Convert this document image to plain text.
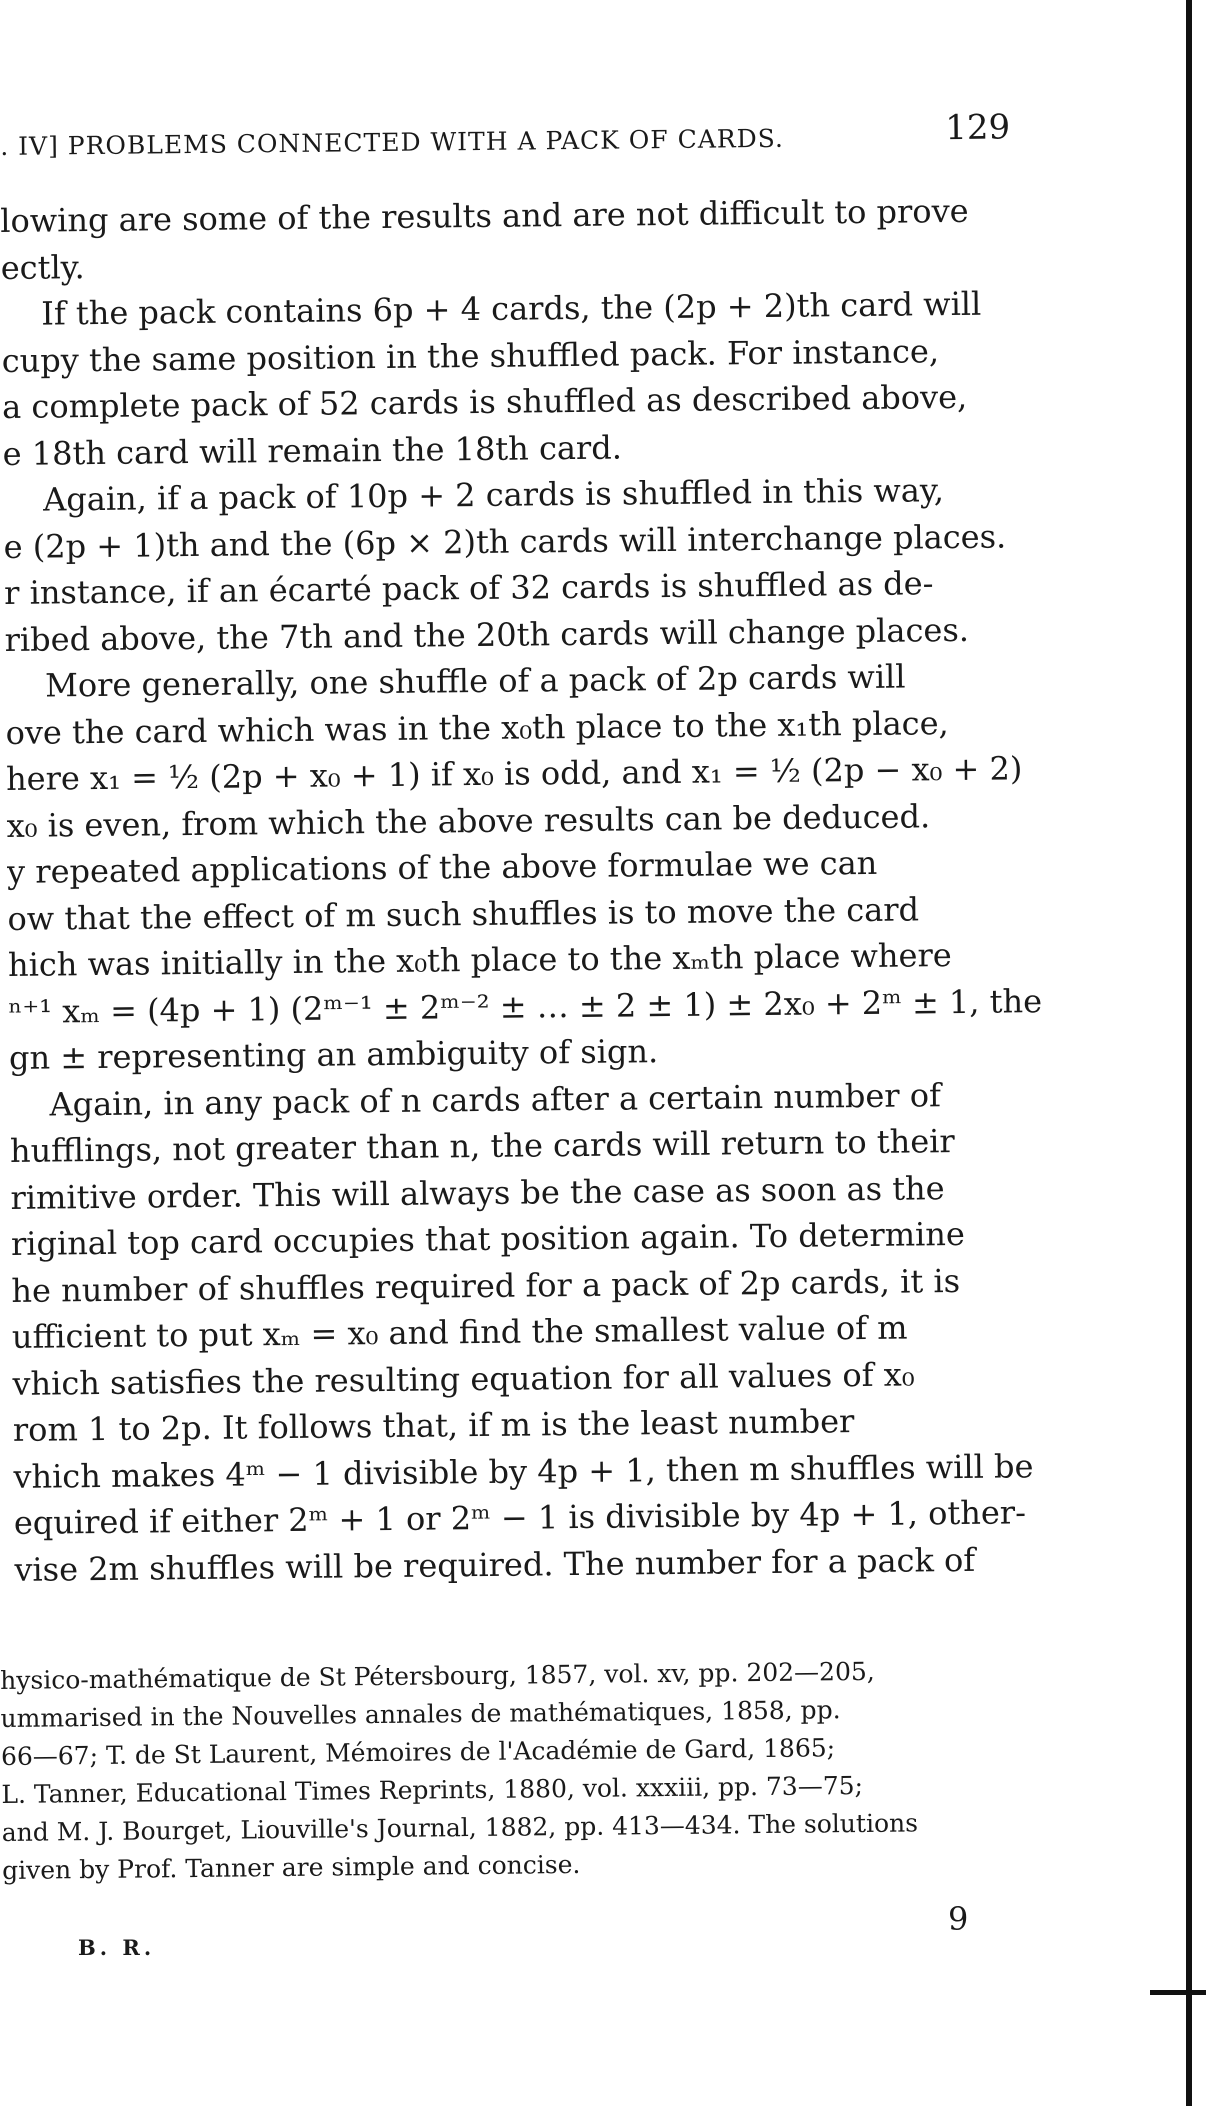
. IV] PROBLEMS CONNECTED WITH A PACK OF CARDS.	129
lowing are some of the results and are not difficult to prove
ectly.
If the pack contains 6p + 4 cards, the (2p + 2)th card will
cupy the same position in the shuffled pack. For instance,
a complete pack of 52 cards is shuffled as described above,
e 18th card will remain the 18th card.
Again, if a pack of 10p + 2 cards is shuffled in this way,
e (2p + 1)th and the (6p × 2)th cards will interchange places.
r instance, if an écarté pack of 32 cards is shuffled as de-
ribed above, the 7th and the 20th cards will change places.
More generally, one shuffle of a pack of 2p cards will
ove the card which was in the x₀th place to the x₁th place,
here x₁ = ½ (2p + x₀ + 1) if x₀ is odd, and x₁ = ½ (2p − x₀ + 2)
x₀ is even, from which the above results can be deduced.
y repeated applications of the above formulae we can
ow that the effect of m such shuffles is to move the card
hich was initially in the x₀th place to the xₘth place where
ⁿ⁺¹ xₘ = (4p + 1) (2ᵐ⁻¹ ± 2ᵐ⁻² ± … ± 2 ± 1) ± 2x₀ + 2ᵐ ± 1, the
gn ± representing an ambiguity of sign.
Again, in any pack of n cards after a certain number of
hufflings, not greater than n, the cards will return to their
rimitive order. This will always be the case as soon as the
riginal top card occupies that position again. To determine
he number of shuffles required for a pack of 2p cards, it is
ufficient to put xₘ = x₀ and find the smallest value of m
vhich satisfies the resulting equation for all values of x₀
rom 1 to 2p. It follows that, if m is the least number
vhich makes 4ᵐ − 1 divisible by 4p + 1, then m shuffles will be
equired if either 2ᵐ + 1 or 2ᵐ − 1 is divisible by 4p + 1, other-
vise 2m shuffles will be required. The number for a pack of
hysico-mathématique de St Pétersbourg, 1857, vol. xv, pp. 202—205,
ummarised in the Nouvelles annales de mathématiques, 1858, pp.
66—67; T. de St Laurent, Mémoires de l'Académie de Gard, 1865;
L. Tanner, Educational Times Reprints, 1880, vol. xxxiii, pp. 73—75;
and M. J. Bourget, Liouville's Journal, 1882, pp. 413—434. The solutions
given by Prof. Tanner are simple and concise.
9
B. R.
